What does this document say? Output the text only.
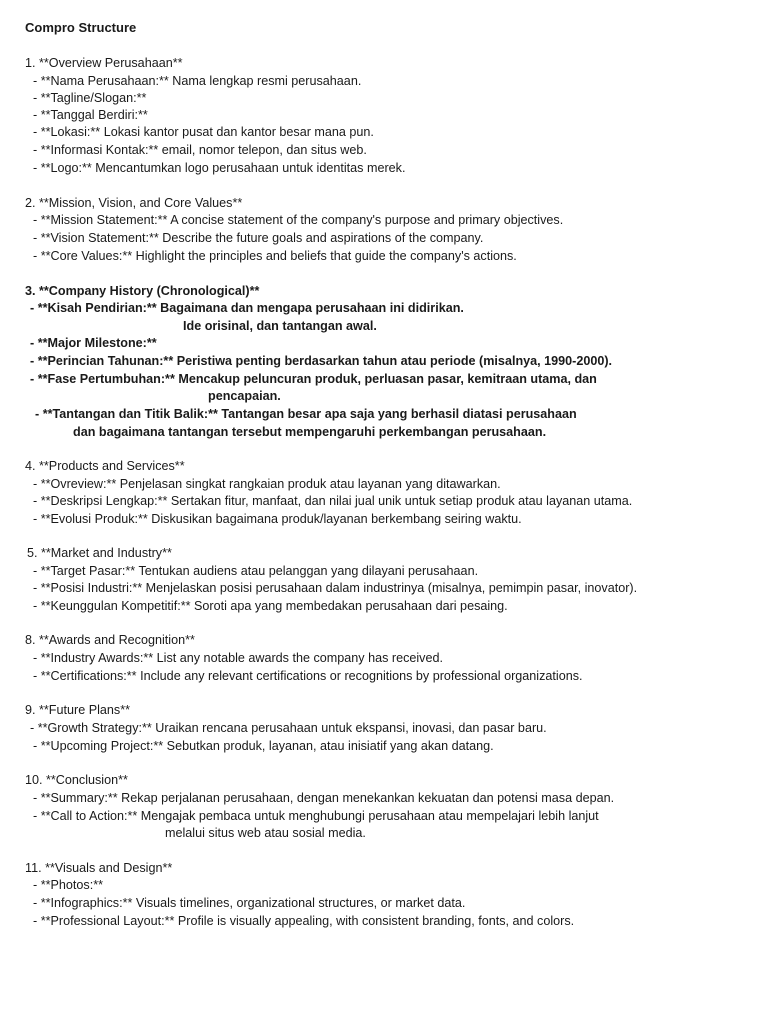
Compro Structure
1. **Overview Perusahaan**
- **Nama Perusahaan:** Nama lengkap resmi perusahaan.
- **Tagline/Slogan:**
- **Tanggal Berdiri:**
- **Lokasi:** Lokasi kantor pusat dan kantor besar mana pun.
- **Informasi Kontak:** email, nomor telepon, dan situs web.
- **Logo:** Mencantumkan logo perusahaan untuk identitas merek.
2. **Mission, Vision, and Core Values**
- **Mission Statement:** A concise statement of the company's purpose and primary objectives.
- **Vision Statement:** Describe the future goals and aspirations of the company.
- **Core Values:** Highlight the principles and beliefs that guide the company's actions.
3. **Company History (Chronological)**
- **Kisah Pendirian:** Bagaimana dan mengapa perusahaan ini didirikan.
Ide orisinal, dan tantangan awal.
- **Major Milestone:**
- **Perincian Tahunan:** Peristiwa penting berdasarkan tahun atau periode (misalnya, 1990-2000).
- **Fase Pertumbuhan:** Mencakup peluncuran produk, perluasan pasar, kemitraan utama, dan
pencapaian.
- **Tantangan dan Titik Balik:** Tantangan besar apa saja yang berhasil diatasi perusahaan
dan bagaimana tantangan tersebut mempengaruhi perkembangan perusahaan.
4. **Products and Services**
- **Ovreview:** Penjelasan singkat rangkaian produk atau layanan yang ditawarkan.
- **Deskripsi Lengkap:** Sertakan fitur, manfaat, dan nilai jual unik untuk setiap produk atau layanan utama.
- **Evolusi Produk:** Diskusikan bagaimana produk/layanan berkembang seiring waktu.
5. **Market and Industry**
- **Target Pasar:** Tentukan audiens atau pelanggan yang dilayani perusahaan.
- **Posisi Industri:** Menjelaskan posisi perusahaan dalam industrinya (misalnya, pemimpin pasar, inovator).
- **Keunggulan Kompetitif:** Soroti apa yang membedakan perusahaan dari pesaing.
8. **Awards and Recognition**
- **Industry Awards:** List any notable awards the company has received.
- **Certifications:** Include any relevant certifications or recognitions by professional organizations.
9. **Future Plans**
- **Growth Strategy:** Uraikan rencana perusahaan untuk ekspansi, inovasi, dan pasar baru.
- **Upcoming Project:** Sebutkan produk, layanan, atau inisiatif yang akan datang.
10. **Conclusion**
- **Summary:** Rekap perjalanan perusahaan, dengan menekankan kekuatan dan potensi masa depan.
- **Call to Action:** Mengajak pembaca untuk menghubungi perusahaan atau mempelajari lebih lanjut
melalui situs web atau sosial media.
11. **Visuals and Design**
- **Photos:**
- **Infographics:** Visuals timelines, organizational structures, or market data.
- **Professional Layout:** Profile is visually appealing, with consistent branding, fonts, and colors.
